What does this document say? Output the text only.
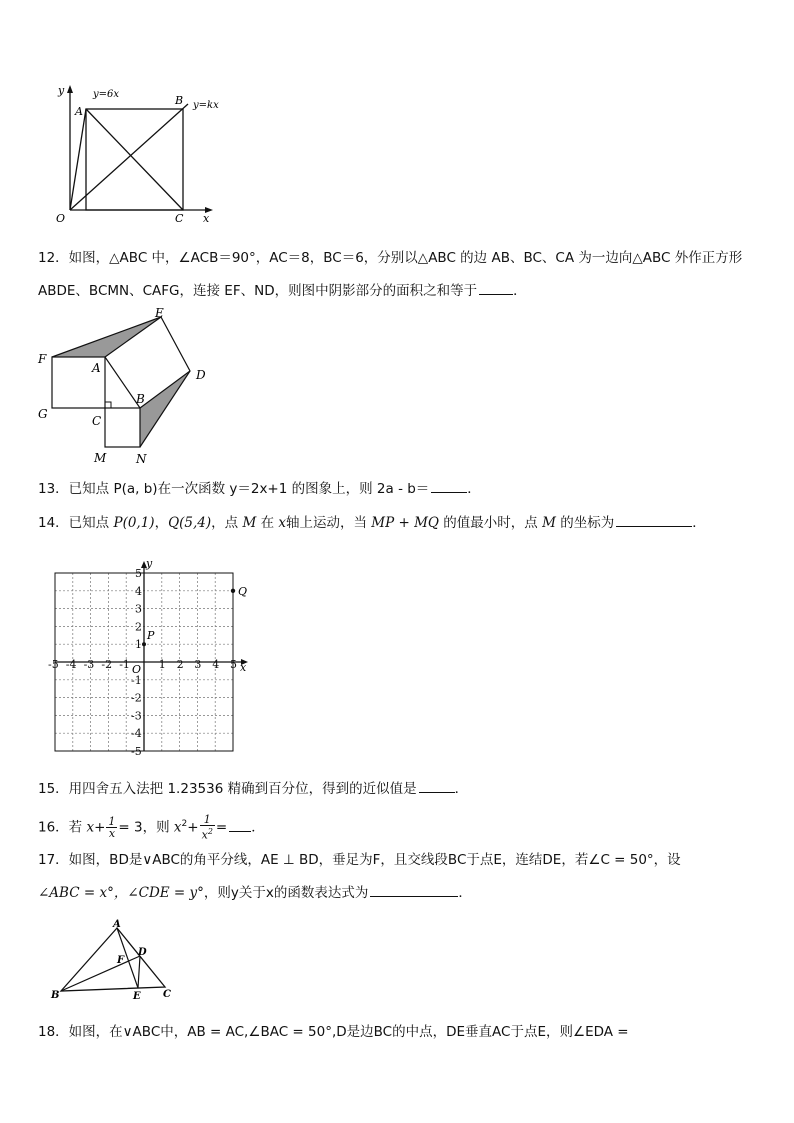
y
x
O
A
B
C
y=6x
y=kx
12．如图，△ABC 中，∠ACB＝90°，AC＝8，BC＝6，分别以△ABC 的边 AB、BC、CA 为一边向△ABC 外作正方形
ABDE、BCMN、CAFG，连接 EF、ND，则图中阴影部分的面积之和等于	．
E
F
A	D
B
G	C
M N
13．已知点 P(a, b)在一次函数 y＝2x+1 的图象上，则 2a - b＝	．
14．已知点 P(0,1)，Q(5,4)，点 M 在 x轴上运动，当 MP + MQ 的值最小时，点 M 的坐标为	．
-5 -4 -3 -2 -1	1 2 3 4 5
5
4
3
2
1
-1
-2
-3
-4
-5
x
y
O
P
Q
15．用四舍五入法把 1.23536 精确到百分位，得到的近似值是	．
16．若 $x+ \frac{1}{x} = 3$，则 $x^2+ \frac{1}{x^2}$ = ．
17．如图，BD是∨ABC的角平分线，AE ⊥ BD，垂足为F，且交线段BC于点E，连结DE，若∠C = 50°，设
∠ABC = x°，∠CDE = y°，则y关于x的函数表达式为	．
A
F
D
B	E C
18．如图，在∨ABC中，AB = AC,∠BAC = 50°,D是边BC的中点，DE垂直AC于点E，则∠EDA =
